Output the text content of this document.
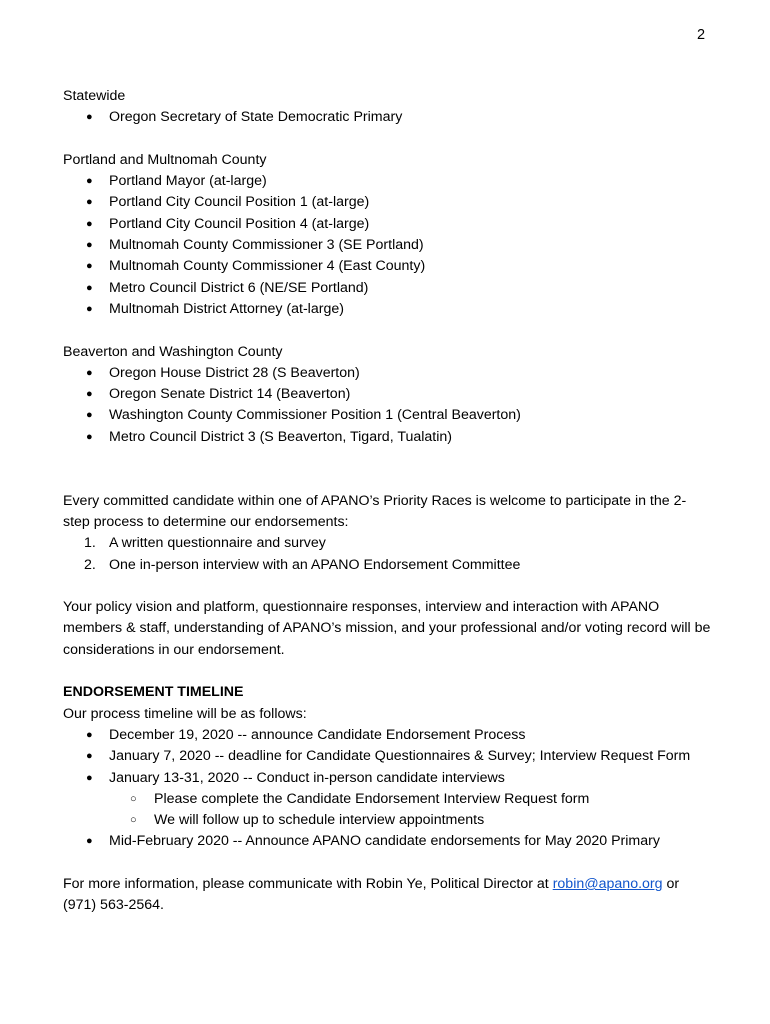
2

Statewide

● Oregon Secretary of State Democratic Primary

Portland and Multnomah County

● Portland Mayor (at-large)
● Portland City Council Position 1 (at-large)
● Portland City Council Position 4 (at-large)
● Multnomah County Commissioner 3 (SE Portland)
● Multnomah County Commissioner 4 (East County)
● Metro Council District 6 (NE/SE Portland)
● Multnomah District Attorney (at-large)

Beaverton and Washington County

● Oregon House District 28 (S Beaverton)
● Oregon Senate District 14 (Beaverton)
● Washington County Commissioner Position 1 (Central Beaverton)
● Metro Council District 3 (S Beaverton, Tigard, Tualatin)

Every committed candidate within one of APANO’s Priority Races is welcome to participate in the 2-step process to determine our endorsements:

1. A written questionnaire and survey
2. One in-person interview with an APANO Endorsement Committee

Your policy vision and platform, questionnaire responses, interview and interaction with APANO members & staff, understanding of APANO’s mission, and your professional and/or voting record will be considerations in our endorsement.

ENDORSEMENT TIMELINE

Our process timeline will be as follows:

● December 19, 2020 -- announce Candidate Endorsement Process
● January 7, 2020 -- deadline for Candidate Questionnaires & Survey; Interview Request Form
● January 13-31, 2020 -- Conduct in-person candidate interviews
○ Please complete the Candidate Endorsement Interview Request form
○ We will follow up to schedule interview appointments
● Mid-February 2020 -- Announce APANO candidate endorsements for May 2020 Primary

For more information, please communicate with Robin Ye, Political Director at robin@apano.org or (971) 563-2564.
